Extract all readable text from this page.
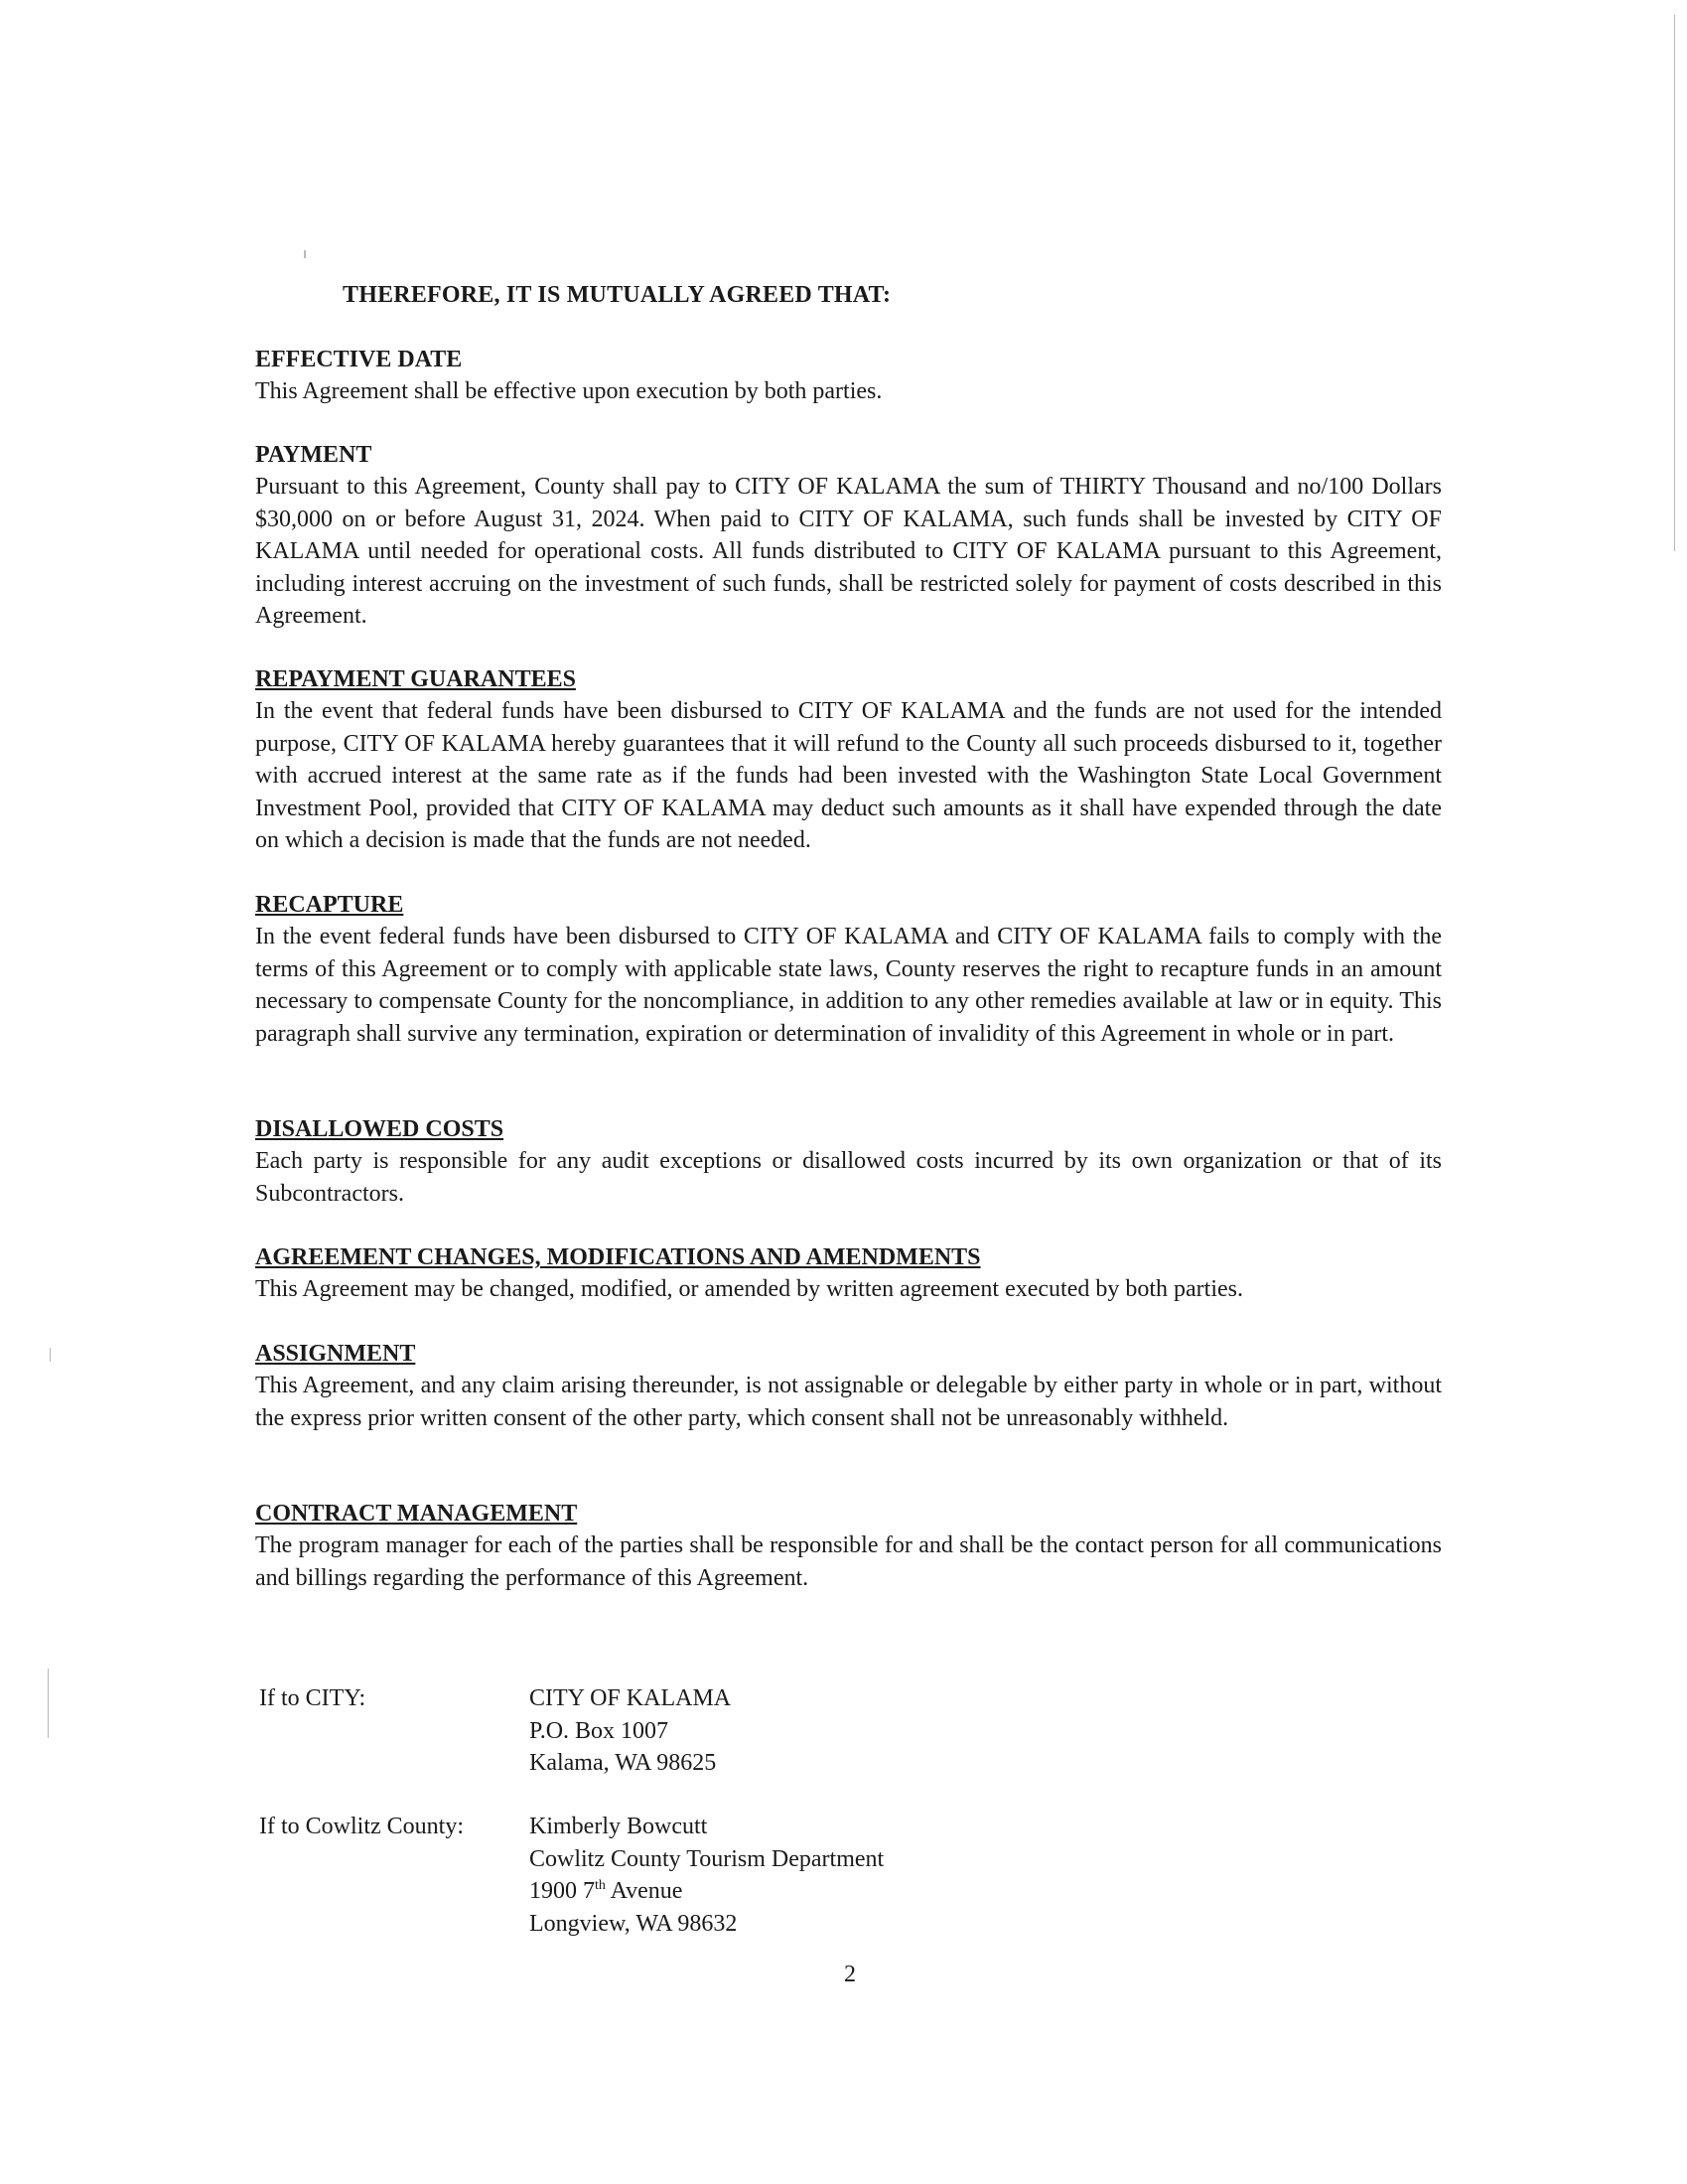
THEREFORE, IT IS MUTUALLY AGREED THAT:

EFFECTIVE DATE

This Agreement shall be effective upon execution by both parties.

PAYMENT

Pursuant to this Agreement, County shall pay to CITY OF KALAMA the sum of THIRTY Thousand and no/100 Dollars $30,000 on or before August 31, 2024. When paid to CITY OF KALAMA, such funds shall be invested by CITY OF KALAMA until needed for operational costs. All funds distributed to CITY OF KALAMA pursuant to this Agreement, including interest accruing on the investment of such funds, shall be restricted solely for payment of costs described in this Agreement.

REPAYMENT GUARANTEES

In the event that federal funds have been disbursed to CITY OF KALAMA and the funds are not used for the intended purpose, CITY OF KALAMA hereby guarantees that it will refund to the County all such proceeds disbursed to it, together with accrued interest at the same rate as if the funds had been invested with the Washington State Local Government Investment Pool, provided that CITY OF KALAMA may deduct such amounts as it shall have expended through the date on which a decision is made that the funds are not needed.

RECAPTURE

In the event federal funds have been disbursed to CITY OF KALAMA and CITY OF KALAMA fails to comply with the terms of this Agreement or to comply with applicable state laws, County reserves the right to recapture funds in an amount necessary to compensate County for the noncompliance, in addition to any other remedies available at law or in equity. This paragraph shall survive any termination, expiration or determination of invalidity of this Agreement in whole or in part.

DISALLOWED COSTS

Each party is responsible for any audit exceptions or disallowed costs incurred by its own organization or that of its Subcontractors.

AGREEMENT CHANGES, MODIFICATIONS AND AMENDMENTS

This Agreement may be changed, modified, or amended by written agreement executed by both parties.

ASSIGNMENT

This Agreement, and any claim arising thereunder, is not assignable or delegable by either party in whole or in part, without the express prior written consent of the other party, which consent shall not be unreasonably withheld.

CONTRACT MANAGEMENT

The program manager for each of the parties shall be responsible for and shall be the contact person for all communications and billings regarding the performance of this Agreement.

If to CITY:	CITY OF KALAMA
P.O. Box 1007
Kalama, WA 98625
If to Cowlitz County:	Kimberly Bowcutt
Cowlitz County Tourism Department
1900 7th Avenue
Longview, WA 98632
2
